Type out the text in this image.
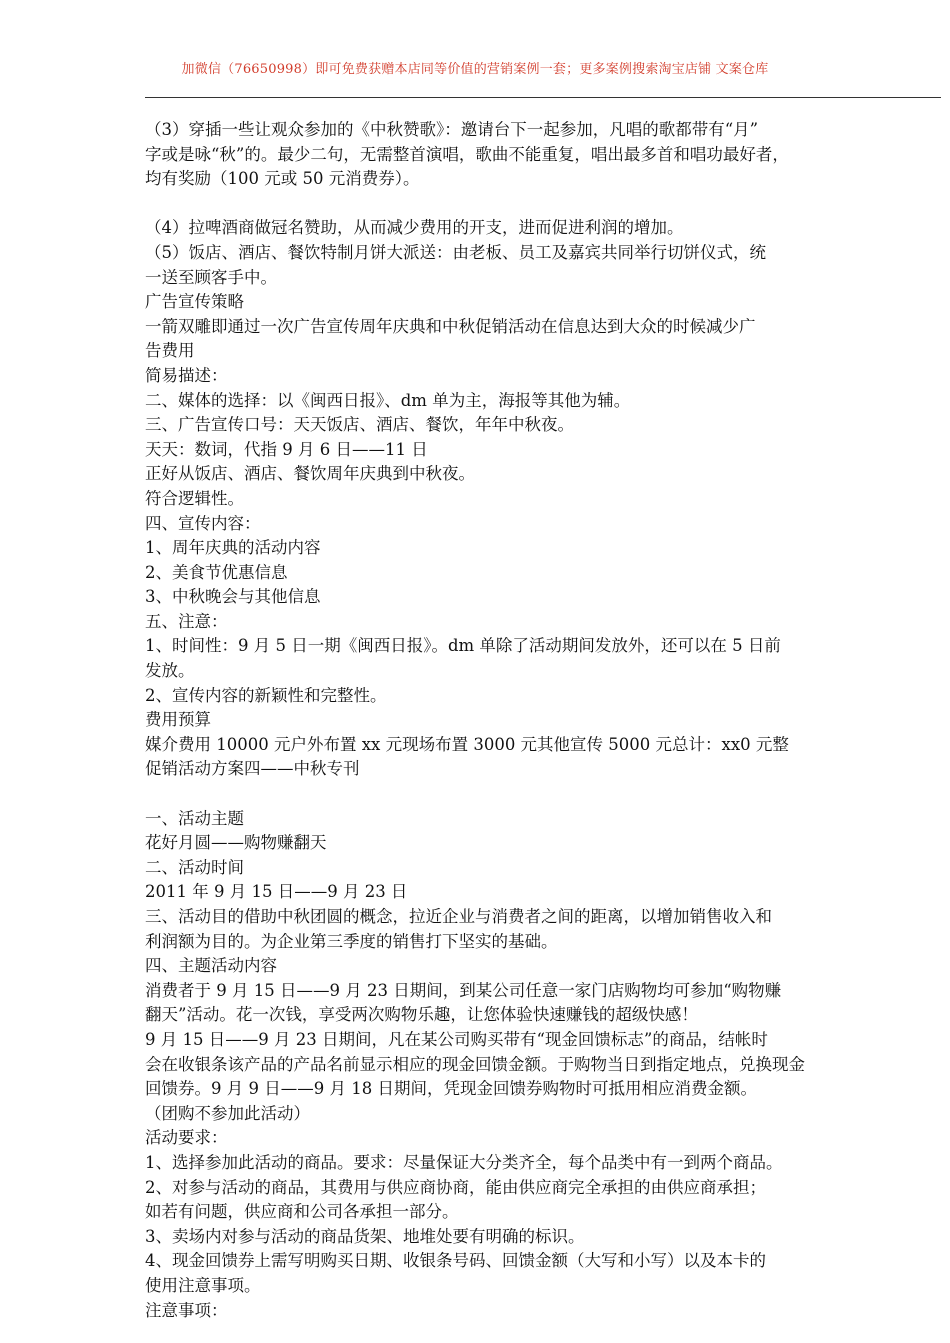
加微信（76650998）即可免费获赠本店同等价值的营销案例一套；更多案例搜索淘宝店铺 文案仓库
（3）穿插一些让观众参加的《中秋赞歌》：邀请台下一起参加，凡唱的歌都带有“月”
字或是咏“秋”的。最少二句，无需整首演唱，歌曲不能重复，唱出最多首和唱功最好者，
均有奖励（100 元或 50 元消费券）。
（4）拉啤酒商做冠名赞助，从而减少费用的开支，进而促进利润的增加。
（5）饭店、酒店、餐饮特制月饼大派送：由老板、员工及嘉宾共同举行切饼仪式，统
一送至顾客手中。
广告宣传策略
一箭双雕即通过一次广告宣传周年庆典和中秋促销活动在信息达到大众的时候减少广
告费用
简易描述：
二、媒体的选择：以《闽西日报》、dm 单为主，海报等其他为辅。
三、广告宣传口号：天天饭店、酒店、餐饮，年年中秋夜。
天天：数词，代指 9 月 6 日——11 日
正好从饭店、酒店、餐饮周年庆典到中秋夜。
符合逻辑性。
四、宣传内容：
1、周年庆典的活动内容
2、美食节优惠信息
3、中秋晚会与其他信息
五、注意：
1、时间性：9 月 5 日一期《闽西日报》。dm 单除了活动期间发放外，还可以在 5 日前
发放。
2、宣传内容的新颖性和完整性。
费用预算
媒介费用 10000 元户外布置 xx 元现场布置 3000 元其他宣传 5000 元总计：xx0 元整
促销活动方案四——中秋专刊
一、活动主题
花好月圆——购物赚翻天
二、活动时间
2011 年 9 月 15 日——9 月 23 日
三、活动目的借助中秋团圆的概念，拉近企业与消费者之间的距离，以增加销售收入和
利润额为目的。为企业第三季度的销售打下坚实的基础。
四、主题活动内容
消费者于 9 月 15 日——9 月 23 日期间，到某公司任意一家门店购物均可参加“购物赚
翻天”活动。花一次钱，享受两次购物乐趣，让您体验快速赚钱的超级快感！
9 月 15 日——9 月 23 日期间，凡在某公司购买带有“现金回馈标志”的商品，结帐时
会在收银条该产品的产品名前显示相应的现金回馈金额。于购物当日到指定地点，兑换现金
回馈券。9 月 9 日——9 月 18 日期间，凭现金回馈券购物时可抵用相应消费金额。
（团购不参加此活动）
活动要求：
1、选择参加此活动的商品。要求：尽量保证大分类齐全，每个品类中有一到两个商品。
2、对参与活动的商品，其费用与供应商协商，能由供应商完全承担的由供应商承担；
如若有问题，供应商和公司各承担一部分。
3、卖场内对参与活动的商品货架、地堆处要有明确的标识。
4、现金回馈券上需写明购买日期、收银条号码、回馈金额（大写和小写）以及本卡的
使用注意事项。
注意事项：
